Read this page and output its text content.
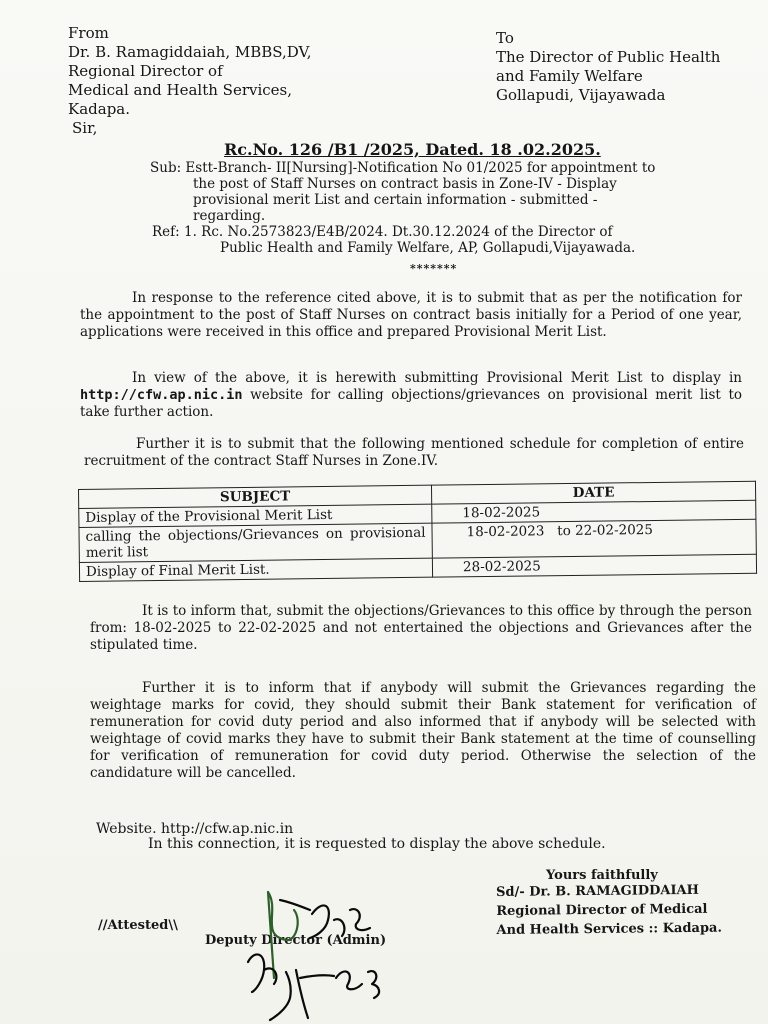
From
Dr. B. Ramagiddaiah, MBBS,DV,
Regional Director of
Medical and Health Services,
Kadapa.
Sir,
To
The Director of Public Health
and Family Welfare
Gollapudi, Vijayawada
Rc.No. 126 /B1 /2025, Dated. 18 .02.2025.
Sub: Estt-Branch- II[Nursing]-Notification No 01/2025 for appointment to
the post of Staff Nurses on contract basis in Zone-IV - Display
provisional merit List and certain information - submitted -
regarding.
Ref: 1. Rc. No.2573823/E4B/2024. Dt.30.12.2024 of the Director of
Public Health and Family Welfare, AP, Gollapudi,Vijayawada.
*******
In response to the reference cited above, it is to submit that as per the notification for the appointment to the post of Staff Nurses on contract basis initially for a Period of one year, applications were received in this office and prepared Provisional Merit List.
In view of the above, it is herewith submitting Provisional Merit List to display in http://cfw.ap.nic.in website for calling objections/grievances on provisional merit list to take further action.
Further it is to submit that the following mentioned schedule for completion of entire recruitment of the contract Staff Nurses in Zone.IV.
SUBJECT	DATE
Display of the Provisional Merit List	18-02-2025
calling the objections/Grievances on provisional merit list	18-02-2023   to 22-02-2025
Display of Final Merit List.	28-02-2025
It is to inform that, submit the objections/Grievances to this office by through the person from: 18-02-2025 to 22-02-2025 and not entertained the objections and Grievances after the stipulated time.
Further it is to inform that if anybody will submit the Grievances regarding the weightage marks for covid, they should submit their Bank statement for verification of remuneration for covid duty period and also informed that if anybody will be selected with weightage of covid marks they have to submit their Bank statement at the time of counselling for verification of remuneration for covid duty period. Otherwise the selection of the candidature will be cancelled.
Website. http://cfw.ap.nic.in
In this connection, it is requested to display the above schedule.
Yours faithfully
Sd/- Dr. B. RAMAGIDDAIAH
Regional Director of Medical
And Health Services :: Kadapa.
//Attested\\
Deputy Director (Admin)
